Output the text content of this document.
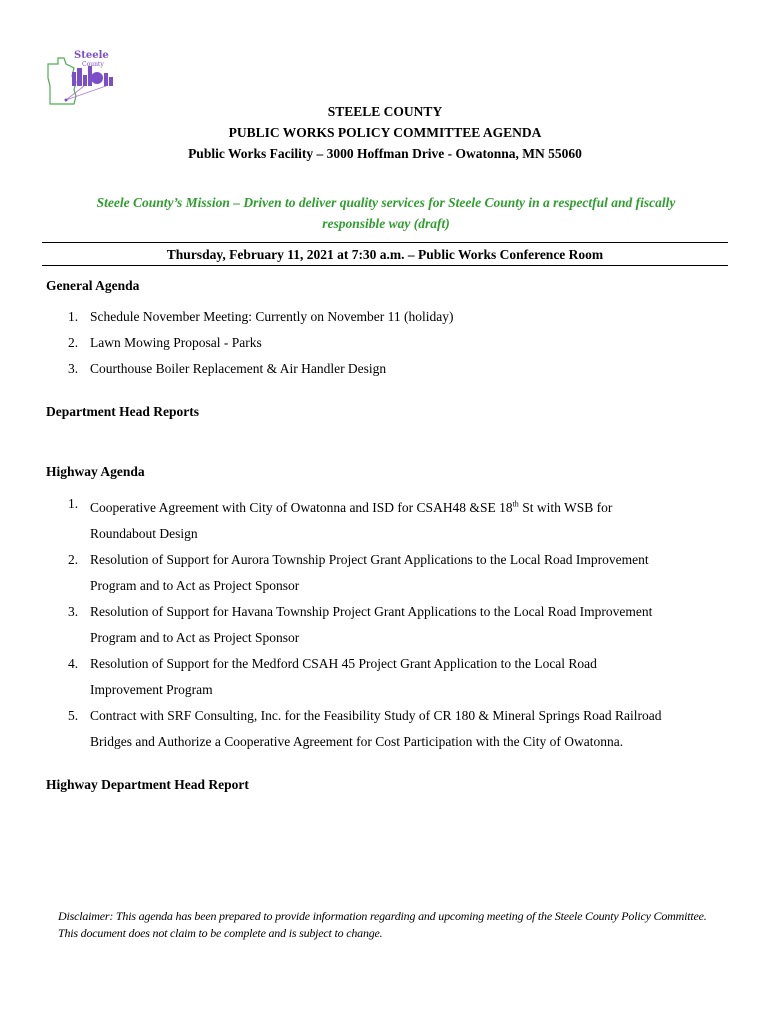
Steele
County
STEELE COUNTY
PUBLIC WORKS POLICY COMMITTEE AGENDA
Public Works Facility – 3000 Hoffman Drive - Owatonna, MN 55060
Steele County’s Mission – Driven to deliver quality services for Steele County in a respectful and fiscally
responsible way (draft)
Thursday, February 11, 2021 at 7:30 a.m. – Public Works Conference Room
General Agenda
1. Schedule November Meeting: Currently on November 11 (holiday)
2. Lawn Mowing Proposal - Parks
3. Courthouse Boiler Replacement & Air Handler Design
Department Head Reports
Highway Agenda
1. Cooperative Agreement with City of Owatonna and ISD for CSAH48 &SE 18th St with WSB for
Roundabout Design
2. Resolution of Support for Aurora Township Project Grant Applications to the Local Road Improvement
Program and to Act as Project Sponsor
3. Resolution of Support for Havana Township Project Grant Applications to the Local Road Improvement
Program and to Act as Project Sponsor
4. Resolution of Support for the Medford CSAH 45 Project Grant Application to the Local Road
Improvement Program
5. Contract with SRF Consulting, Inc. for the Feasibility Study of CR 180 & Mineral Springs Road Railroad
Bridges and Authorize a Cooperative Agreement for Cost Participation with the City of Owatonna.
Highway Department Head Report
Disclaimer: This agenda has been prepared to provide information regarding and upcoming meeting of the Steele County Policy Committee.
This document does not claim to be complete and is subject to change.
